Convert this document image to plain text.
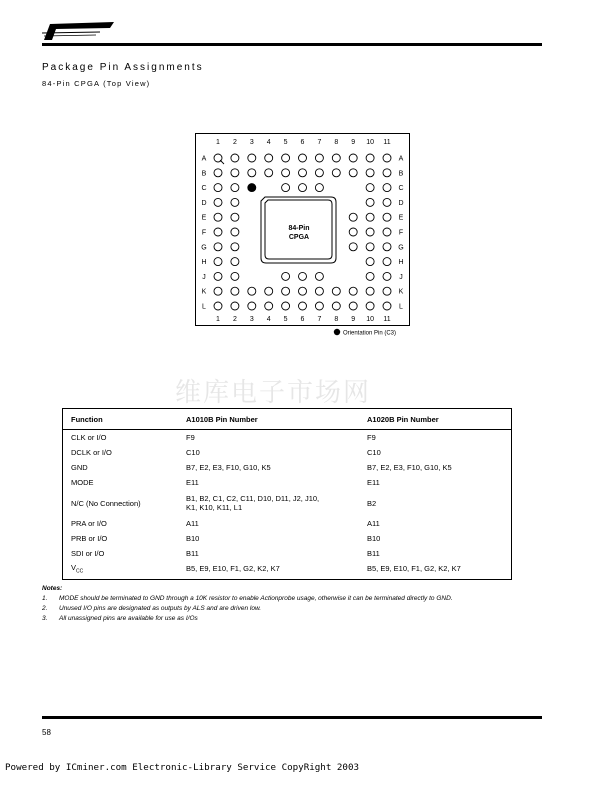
Package Pin Assignments
84-Pin CPGA (Top View)
1 2 3 4 5 6 7 8 9 10 11
1 2 3 4 5 6 7 8 9 10 11
A
B
C
D
E
F
G
H
J
K
L
A
B
C
D
E
F
G
H
J
K
L
84-Pin
CPGA
Orientation Pin (C3)
维库电子市场网
Function	A1010B Pin Number	A1020B Pin Number
CLK or I/O	F9	F9
DCLK or I/O	C10	C10
GND	B7, E2, E3, F10, G10, K5	B7, E2, E3, F10, G10, K5
MODE	E11	E11
N/C (No Connection)	B1, B2, C1, C2, C11, D10, D11, J2, J10,
K1, K10, K11, L1	B2
PRA or I/O	A11	A11
PRB or I/O	B10	B10
SDI or I/O	B11	B11
$V_{CC}$	B5, E9, E10, F1, G2, K2, K7	B5, E9, E10, F1, G2, K2, K7
Notes:
1.	MODE should be terminated to GND through a 10K resistor to enable Actionprobe usage, otherwise it can be terminated directly to GND.
2.	Unused I/O pins are designated as outputs by ALS and are driven low.
3.	All unassigned pins are available for use as I/Os
58
Powered by ICminer.com Electronic-Library Service CopyRight 2003
